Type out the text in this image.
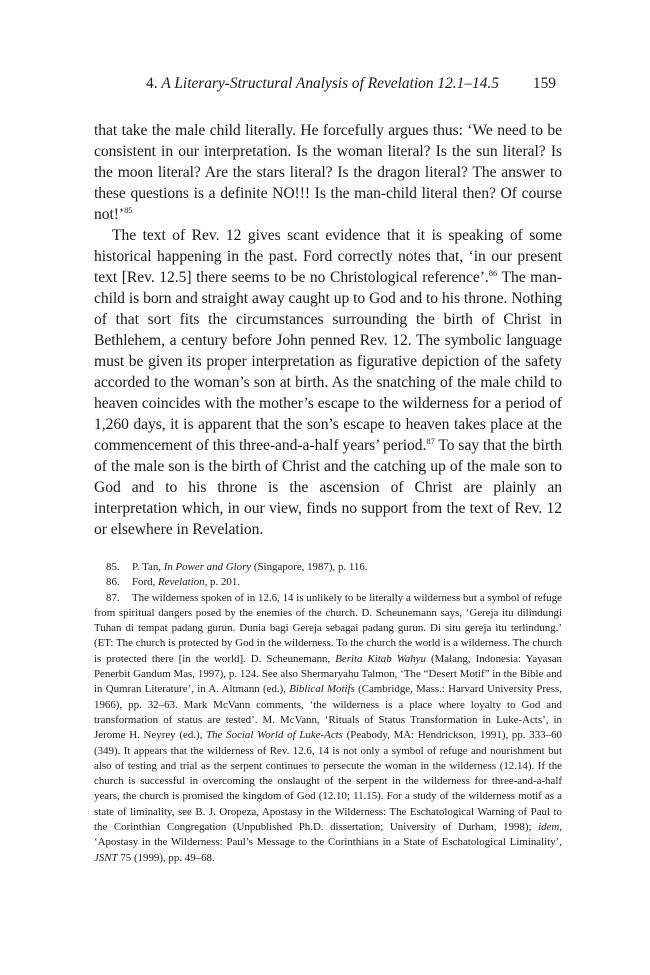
4. A Literary-Structural Analysis of Revelation 12.1–14.5 159

that take the male child literally. He forcefully argues thus: ‘We need to be consistent in our interpretation. Is the woman literal? Is the sun literal? Is the moon literal? Are the stars literal? Is the dragon literal? The answer to these questions is a definite NO!!! Is the man-child literal then? Of course not!’$^{85}$

The text of Rev. 12 gives scant evidence that it is speaking of some historical happening in the past. Ford correctly notes that, ‘in our present text [Rev. 12.5] there seems to be no Christological reference’.$^{86}$ The man-child is born and straight away caught up to God and to his throne. Nothing of that sort fits the circumstances surrounding the birth of Christ in Bethlehem, a century before John penned Rev. 12. The symbolic language must be given its proper interpretation as figurative depiction of the safety accorded to the woman’s son at birth. As the snatching of the male child to heaven coincides with the mother’s escape to the wilderness for a period of 1,260 days, it is apparent that the son’s escape to heaven takes place at the commencement of this three-and-a-half years’ period.$^{87}$ To say that the birth of the male son is the birth of Christ and the catching up of the male son to God and to his throne is the ascension of Christ are plainly an interpretation which, in our view, finds no support from the text of Rev. 12 or elsewhere in Revelation.

85. P. Tan, In Power and Glory (Singapore, 1987), p. 116.

86. Ford, Revelation, p. 201.

87. The wilderness spoken of in 12.6, 14 is unlikely to be literally a wilderness but a symbol of refuge from spiritual dangers posed by the enemies of the church. D. Scheunemann says, ‘Gereja itu dilindungi Tuhan di tempat padang gurun. Dunia bagi Gereja sebagai padang gurun. Di situ gereja itu terlindung.’ (ET: The church is protected by God in the wilderness. To the church the world is a wilderness. The church is protected there [in the world]. D. Scheunemann, Berita Kitab Wahyu (Malang, Indonesia: Yayasan Penerbit Gandum Mas, 1997), p. 124. See also Shermaryahu Talmon, ‘The “Desert Motif” in the Bible and in Qumran Literature’, in A. Altmann (ed.), Biblical Motifs (Cambridge, Mass.: Harvard University Press, 1966), pp. 32–63. Mark McVann comments, ‘the wilderness is a place where loyalty to God and transformation of status are tested’. M. McVann, ‘Rituals of Status Transformation in Luke-Acts’, in Jerome H. Neyrey (ed.), The Social World of Luke-Acts (Peabody, MA: Hendrickson, 1991), pp. 333–60 (349). It appears that the wilderness of Rev. 12.6, 14 is not only a symbol of refuge and nourishment but also of testing and trial as the serpent continues to persecute the woman in the wilderness (12.14). If the church is successful in overcoming the onslaught of the serpent in the wilderness for three-and-a-half years, the church is promised the kingdom of God (12.10; 11.15). For a study of the wilderness motif as a state of liminality, see B. J. Oropeza, Apostasy in the Wilderness: The Eschatological Warning of Paul to the Corinthian Congregation (Unpublished Ph.D. dissertation; University of Durham, 1998); idem, ‘Apostasy in the Wilderness: Paul’s Message to the Corinthians in a State of Eschatological Liminality’, JSNT 75 (1999), pp. 49–68.
